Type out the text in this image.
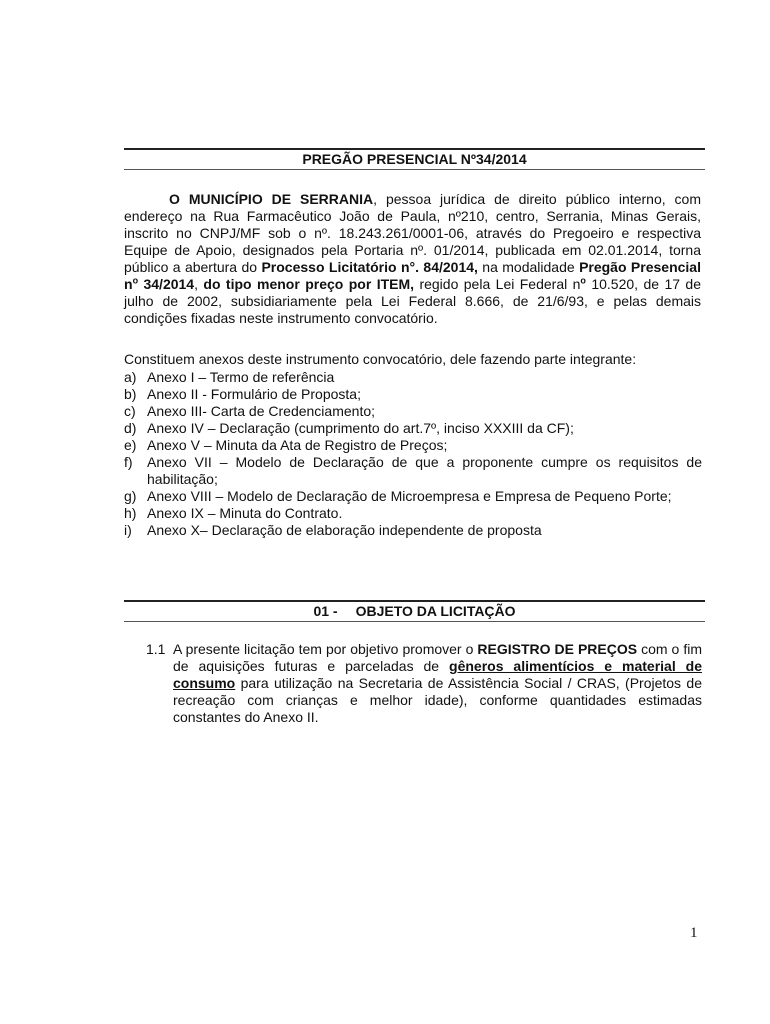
PREGÃO PRESENCIAL Nº34/2014

O MUNICÍPIO DE SERRANIA, pessoa jurídica de direito público interno, com endereço na Rua Farmacêutico João de Paula, nº210, centro, Serrania, Minas Gerais, inscrito no CNPJ/MF sob o nº. 18.243.261/0001-06, através do Pregoeiro e respectiva Equipe de Apoio, designados pela Portaria nº. 01/2014, publicada em 02.01.2014, torna público a abertura do Processo Licitatório n°. 84/2014, na modalidade Pregão Presencial $n^o$ 34/2014, do tipo menor preço por ITEM, regido pela Lei Federal $n^o$ 10.520, de 17 de julho de 2002, subsidiariamente pela Lei Federal 8.666, de 21/6/93, e pelas demais condições fixadas neste instrumento convocatório.

Constituem anexos deste instrumento convocatório, dele fazendo parte integrante:
a) Anexo I – Termo de referência
b) Anexo II - Formulário de Proposta;
c) Anexo III- Carta de Credenciamento;
d) Anexo IV – Declaração (cumprimento do art.7º, inciso XXXIII da CF);
e) Anexo V – Minuta da Ata de Registro de Preços;
f) Anexo VII – Modelo de Declaração de que a proponente cumpre os requisitos de habilitação;
g) Anexo VIII – Modelo de Declaração de Microempresa e Empresa de Pequeno Porte;
h) Anexo IX – Minuta do Contrato.
i) Anexo X– Declaração de elaboração independente de proposta
01 - OBJETO DA LICITAÇÃO
1.1 A presente licitação tem por objetivo promover o REGISTRO DE PREÇOS com o fim de aquisições futuras e parceladas de gêneros alimentícios e material de consumo para utilização na Secretaria de Assistência Social / CRAS, (Projetos de recreação com crianças e melhor idade), conforme quantidades estimadas constantes do Anexo II.
1
